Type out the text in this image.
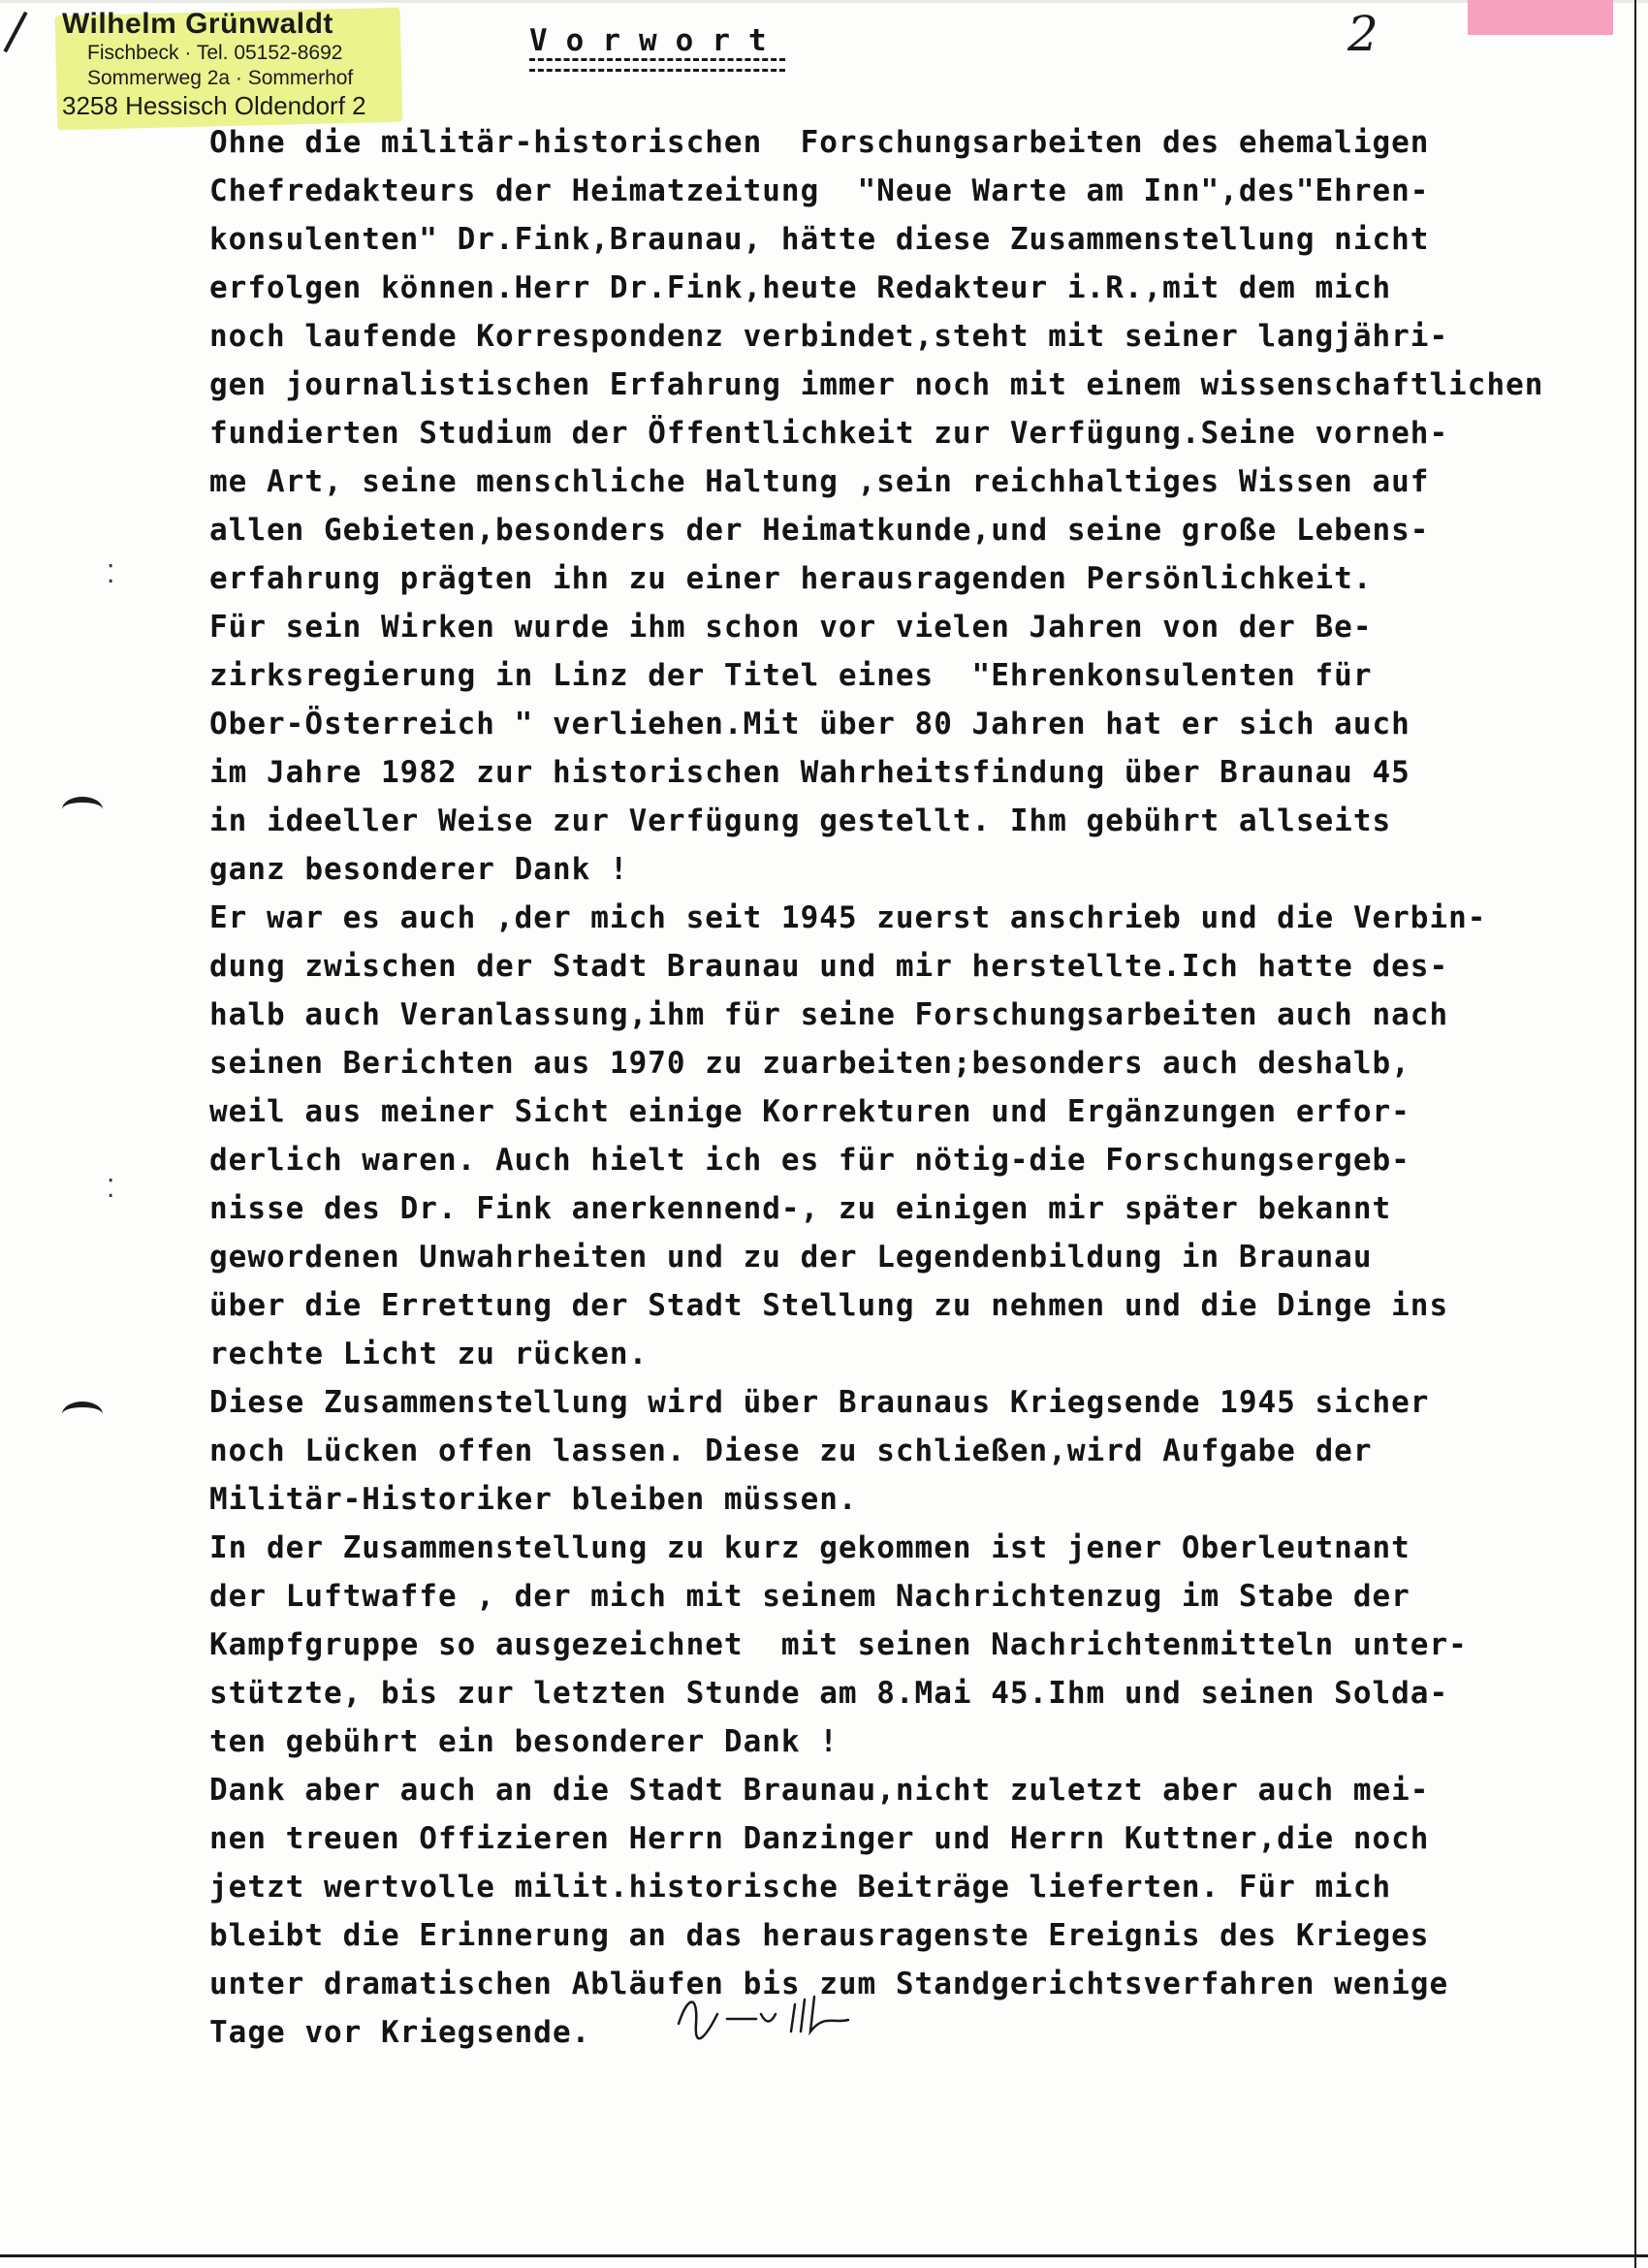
Wilhelm Grünwaldt
Fischbeck · Tel. 05152-8692
Sommerweg 2a · Sommerhof
3258 Hessisch Oldendorf 2
Vorwort	2
Ohne die militär-historischen  Forschungsarbeiten des ehemaligen
Chefredakteurs der Heimatzeitung  "Neue Warte am Inn",des"Ehren-
konsulenten" Dr.Fink,Braunau, hätte diese Zusammenstellung nicht
erfolgen können.Herr Dr.Fink,heute Redakteur i.R.,mit dem mich
noch laufende Korrespondenz verbindet,steht mit seiner langjähri-
gen journalistischen Erfahrung immer noch mit einem wissenschaftlichen
fundierten Studium der Öffentlichkeit zur Verfügung.Seine vorneh-
me Art, seine menschliche Haltung ,sein reichhaltiges Wissen auf
allen Gebieten,besonders der Heimatkunde,und seine große Lebens-
erfahrung prägten ihn zu einer herausragenden Persönlichkeit.
Für sein Wirken wurde ihm schon vor vielen Jahren von der Be-
zirksregierung in Linz der Titel eines  "Ehrenkonsulenten für
Ober-Österreich " verliehen.Mit über 80 Jahren hat er sich auch
im Jahre 1982 zur historischen Wahrheitsfindung über Braunau 45
in ideeller Weise zur Verfügung gestellt. Ihm gebührt allseits
ganz besonderer Dank !
Er war es auch ,der mich seit 1945 zuerst anschrieb und die Verbin-
dung zwischen der Stadt Braunau und mir herstellte.Ich hatte des-
halb auch Veranlassung,ihm für seine Forschungsarbeiten auch nach
seinen Berichten aus 1970 zu zuarbeiten;besonders auch deshalb,
weil aus meiner Sicht einige Korrekturen und Ergänzungen erfor-
derlich waren. Auch hielt ich es für nötig-die Forschungsergeb-
nisse des Dr. Fink anerkennend-, zu einigen mir später bekannt
gewordenen Unwahrheiten und zu der Legendenbildung in Braunau
über die Errettung der Stadt Stellung zu nehmen und die Dinge ins
rechte Licht zu rücken.
Diese Zusammenstellung wird über Braunaus Kriegsende 1945 sicher
noch Lücken offen lassen. Diese zu schließen,wird Aufgabe der
Militär-Historiker bleiben müssen.
In der Zusammenstellung zu kurz gekommen ist jener Oberleutnant
der Luftwaffe , der mich mit seinem Nachrichtenzug im Stabe der
Kampfgruppe so ausgezeichnet  mit seinen Nachrichtenmitteln unter-
stützte, bis zur letzten Stunde am 8.Mai 45.Ihm und seinen Solda-
ten gebührt ein besonderer Dank !
Dank aber auch an die Stadt Braunau,nicht zuletzt aber auch mei-
nen treuen Offizieren Herrn Danzinger und Herrn Kuttner,die noch
jetzt wertvolle milit.historische Beiträge lieferten. Für mich
bleibt die Erinnerung an das herausragenste Ereignis des Krieges
unter dramatischen Abläufen bis zum Standgerichtsverfahren wenige
Tage vor Kriegsende.
⁚
⁚
